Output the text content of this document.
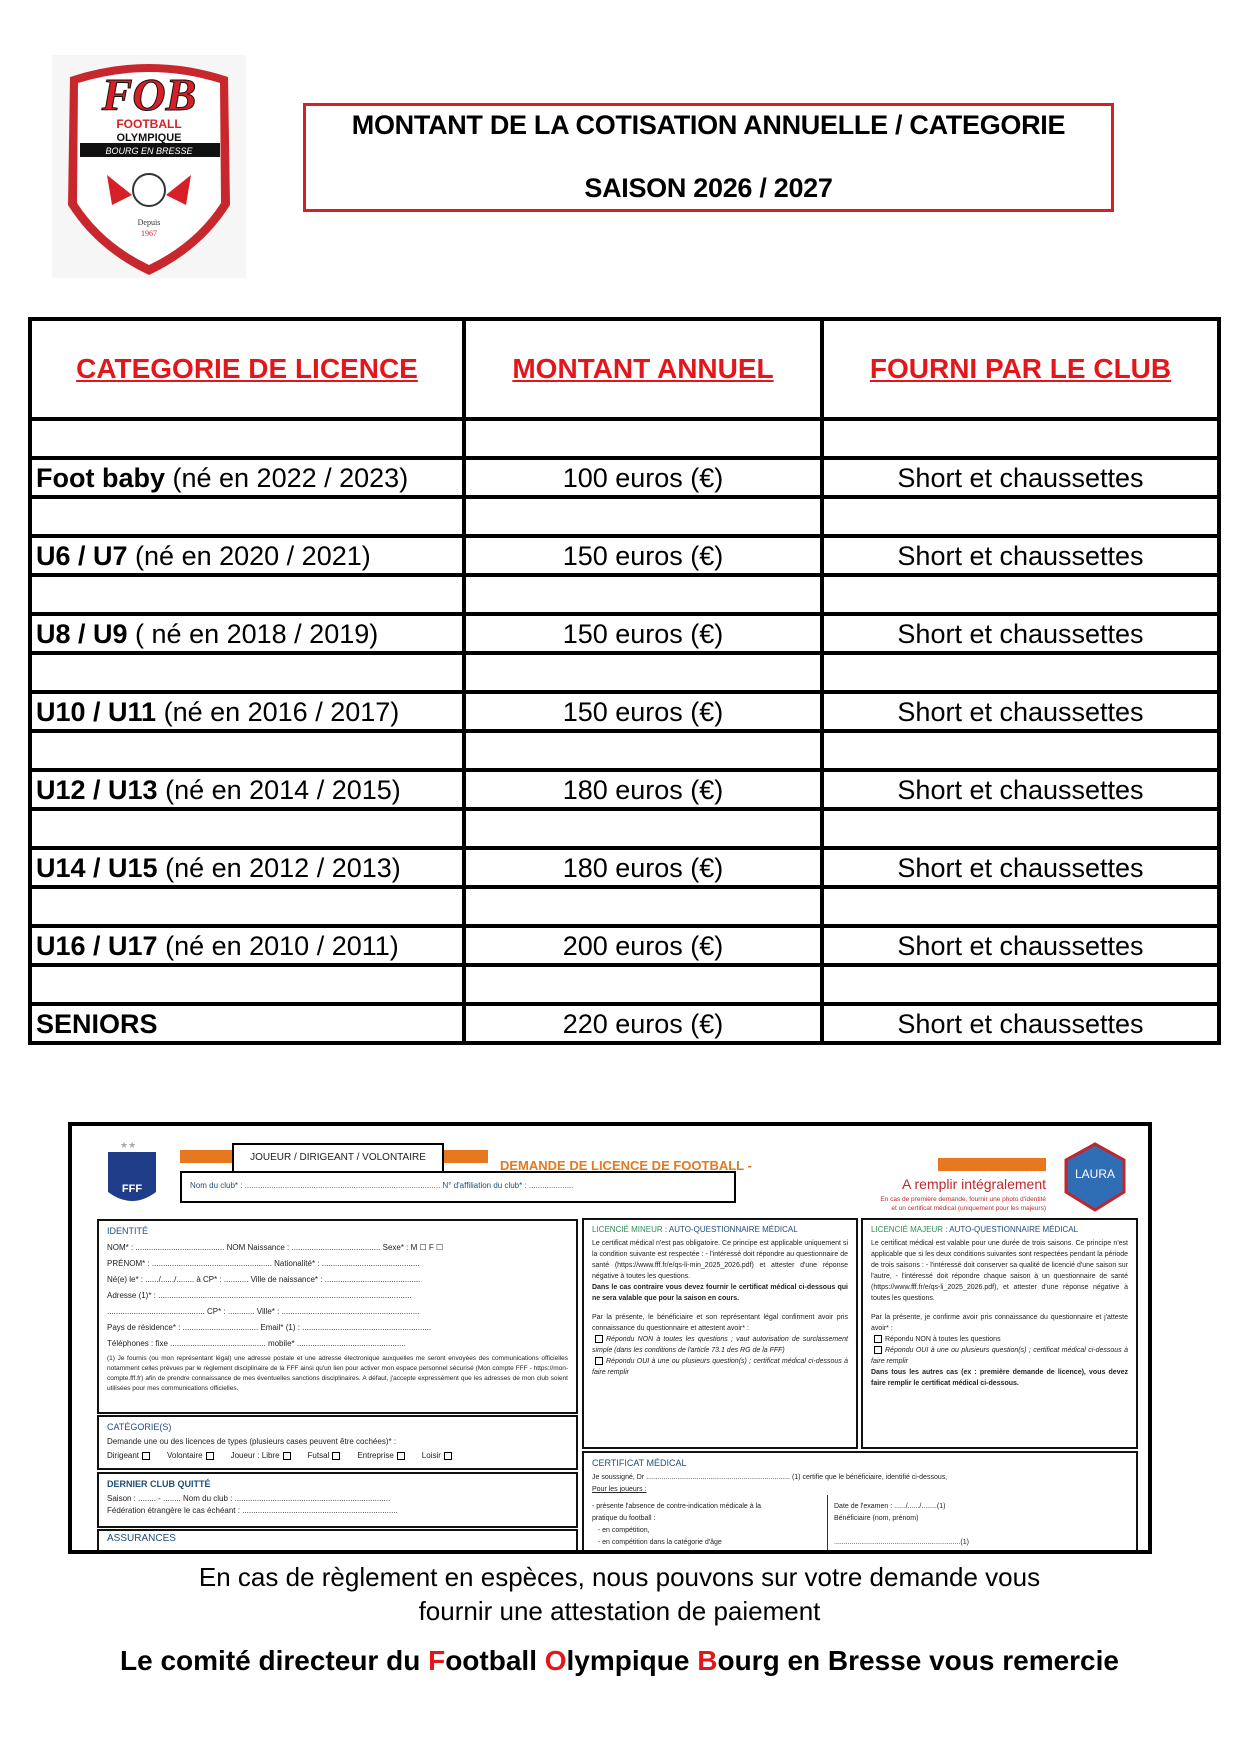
FOB
FOOTBALL
OLYMPIQUE
BOURG EN BRESSE
Depuis
1967
MONTANT DE LA COTISATION ANNUELLE / CATEGORIE
SAISON 2026 / 2027
CATEGORIE DE LICENCE	MONTANT ANNUEL	FOURNI PAR LE CLUB

Foot baby (né en 2022 / 2023)	100 euros (€)	Short et chaussettes

U6 / U7 (né en 2020 / 2021)	150 euros (€)	Short et chaussettes

U8 / U9 ( né en 2018 / 2019)	150 euros (€)	Short et chaussettes

U10 / U11 (né en 2016 / 2017)	150 euros (€)	Short et chaussettes

U12 / U13 (né en 2014 / 2015)	180 euros (€)	Short et chaussettes

U14 / U15 (né en 2012 / 2013)	180 euros (€)	Short et chaussettes

U16 / U17 (né en 2010 / 2011)	200 euros (€)	Short et chaussettes

SENIORS	220 euros (€)	Short et chaussettes
★★
FFF
JOUEUR / DIRIGEANT / VOLONTAIRE
DEMANDE DE LICENCE DE FOOTBALL -
Nom du club* : ........................................................................................ N° d'affiliation du club* : ....................	A remplir intégralement
En cas de première demande, fournir une photo d'identité
et un certificat médical (uniquement pour les majeurs)
LAURA
IDENTITÉ
NOM* : ........................................ NOM Naissance : ........................................ Sexe* : M ☐ F ☐
PRÉNOM* : ...................................................... Nationalité* : ............................................
Né(e) le* : ....../....../........ à CP* : ........... Ville de naissance* : ...........................................
Adresse (1)* : ..................................................................................................................
............................................ CP* : ............ Ville* : ..............................................................
Pays de résidence* : .................................. Email* (1) : ..........................................................
Téléphones : fixe ........................................... mobile* .................................................
(1) Je fournis (ou mon représentant légal) une adresse postale et une adresse électronique auxquelles me seront envoyées des communications officielles notamment celles prévues par le règlement disciplinaire de la FFF ainsi qu'un lien pour activer mon espace personnel sécurisé (Mon compte FFF - https://mon-compte.fff.fr) afin de prendre connaissance de mes éventuelles sanctions disciplinaires. A défaut, j'accepte expressément que les adresses de mon club soient utilisées pour mes communications officielles.
CATÉGORIE(S)
Demande une ou des licences de types (plusieurs cases peuvent être cochées)* :
Dirigeant	Volontaire	Joueur : Libre	Futsal	Entreprise	Loisir
DERNIER CLUB QUITTÉ
Saison : ........ - ........ Nom du club : ......................................................................
Fédération étrangère le cas échéant : ......................................................................
ASSURANCES
LICENCIÉ MINEUR : AUTO-QUESTIONNAIRE MÉDICAL
Le certificat médical n'est pas obligatoire. Ce principe est applicable uniquement si la condition suivante est respectée : - l'intéressé doit répondre au questionnaire de santé (https://www.fff.fr/e/qs-li-min_2025_2026.pdf) et attester d'une réponse négative à toutes les questions.
Dans le cas contraire vous devez fournir le certificat médical ci-dessous qui ne sera valable que pour la saison en cours.
Par la présente, le bénéficiaire et son représentant légal confirment avoir pris connaissance du questionnaire et attestent avoir* :
Répondu NON à toutes les questions ; vaut autorisation de surclassement simple (dans les conditions de l'article 73.1 des RG de la FFF)
Répondu OUI à une ou plusieurs question(s) ; certificat médical ci-dessous à faire remplir
LICENCIÉ MAJEUR : AUTO-QUESTIONNAIRE MÉDICAL
Le certificat médical est valable pour une durée de trois saisons. Ce principe n'est applicable que si les deux conditions suivantes sont respectées pendant la période de trois saisons : - l'intéressé doit conserver sa qualité de licencié d'une saison sur l'autre, - l'intéressé doit répondre chaque saison à un questionnaire de santé (https://www.fff.fr/e/qs-li_2025_2026.pdf), et attester d'une réponse négative à toutes les questions.
Par la présente, je confirme avoir pris connaissance du questionnaire et j'atteste avoir* :
Répondu NON à toutes les questions
Répondu OUI à une ou plusieurs question(s) ; certificat médical ci-dessous à faire remplir
Dans tous les autres cas (ex : première demande de licence), vous devez faire remplir le certificat médical ci-dessous.
CERTIFICAT MÉDICAL
Je soussigné, Dr .......................................................................... (1) certifie que le bénéficiaire, identifié ci-dessous,
Pour les joueurs :
- présente l'absence de contre-indication médicale à la
pratique du football :
- en compétition,
- en compétition dans la catégorie d'âge
Date de l'examen : ....../....../........(1)
Bénéficiaire (nom, prénom)
.................................................................(1)
En cas de règlement en espèces, nous pouvons sur votre demande vous
fournir une attestation de paiement
Le comité directeur du Football Olympique Bourg en Bresse vous remercie
